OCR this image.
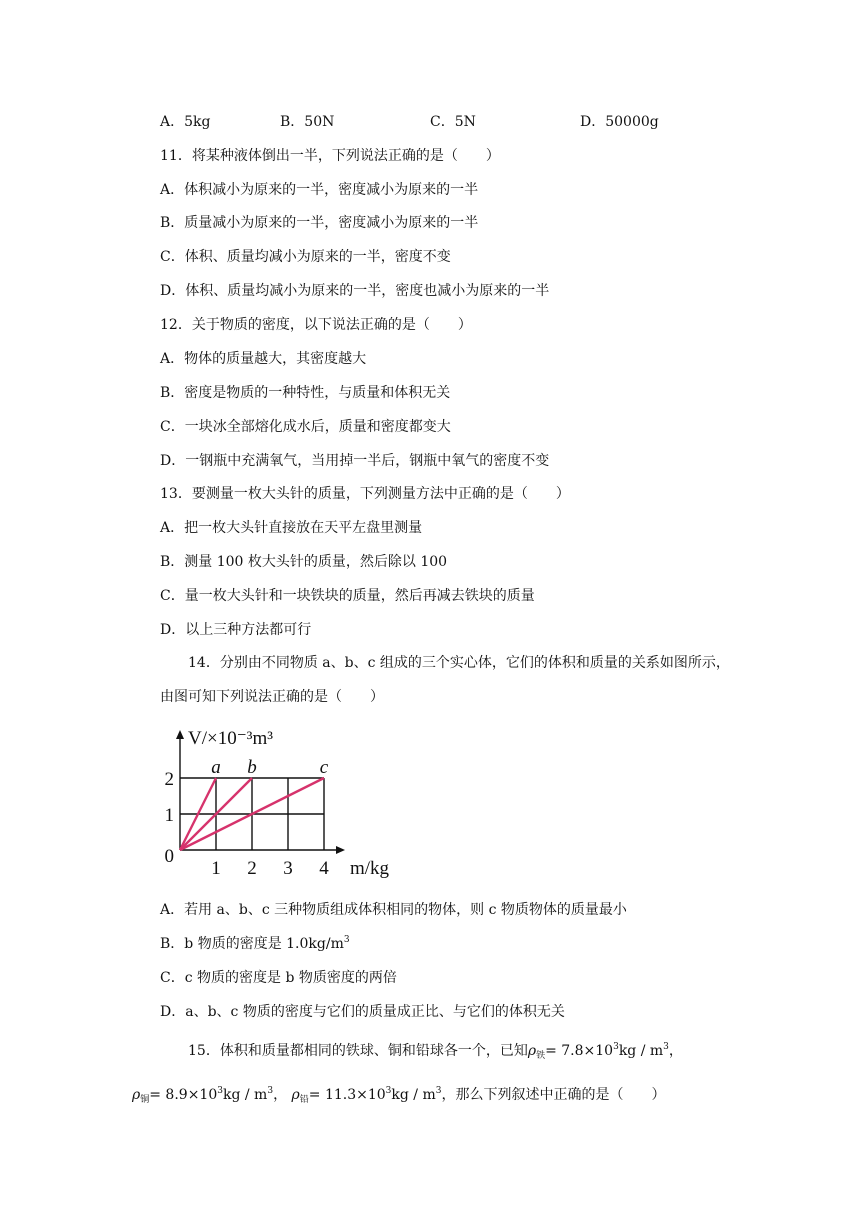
A．5kg	B．50N	C．5N	D．50000g
11．将某种液体倒出一半，下列说法正确的是（　　）
A．体积减小为原来的一半，密度减小为原来的一半
B．质量减小为原来的一半，密度减小为原来的一半
C．体积、质量均减小为原来的一半，密度不变
D．体积、质量均减小为原来的一半，密度也减小为原来的一半
12．关于物质的密度，以下说法正确的是（　　）
A．物体的质量越大，其密度越大
B．密度是物质的一种特性，与质量和体积无关
C．一块冰全部熔化成水后，质量和密度都变大
D．一钢瓶中充满氧气，当用掉一半后，钢瓶中氧气的密度不变
13．要测量一枚大头针的质量，下列测量方法中正确的是（　　）
A．把一枚大头针直接放在天平左盘里测量
B．测量 100 枚大头针的质量，然后除以 100
C．量一枚大头针和一块铁块的质量，然后再减去铁块的质量
D．以上三种方法都可行
14．分别由不同物质 a、b、c 组成的三个实心体，它们的体积和质量的关系如图所示，
由图可知下列说法正确的是（　　）
a b	c
1 2 3 4
1
2
0
V/×10⁻³m³
m/kg
A．若用 a、b、c 三种物质组成体积相同的物体，则 c 物质物体的质量最小
B．b 物质的密度是 $1.0kg/m^3$
C．c 物质的密度是 b 物质密度的两倍
D．a、b、c 物质的密度与它们的质量成正比、与它们的体积无关
15．体积和质量都相同的铁球、铜和铅球各一个，已知$\rho_铁= 7.8\times 10^3kg / m^3$，
$\rho_铜= 8.9\times 10^3kg / m^3$， $\rho_铅= 11.3\times 10^3kg / m^3$，那么下列叙述中正确的是（　　）
